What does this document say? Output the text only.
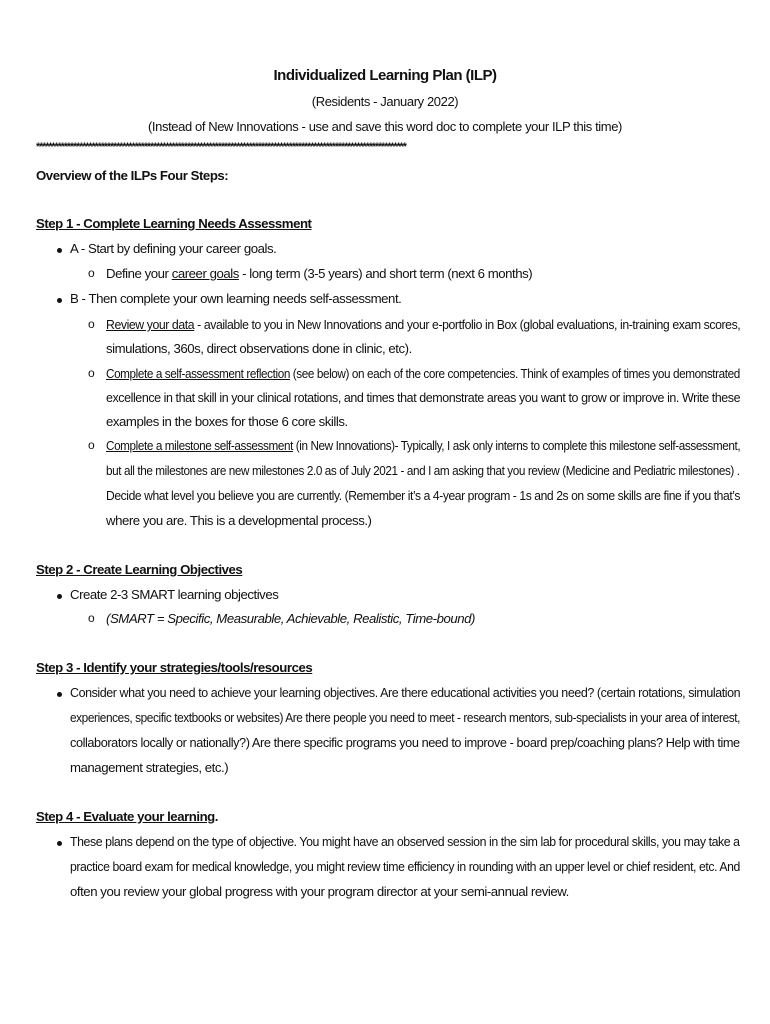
Individualized Learning Plan (ILP)
(Residents - January 2022)
(Instead of New Innovations - use and save this word doc to complete your ILP this time)
************************************************************************************************************************
Overview of the ILPs Four Steps:
Step 1 - Complete Learning Needs Assessment
A - Start by defining your career goals.
o Define your career goals - long term (3-5 years) and short term (next 6 months)
B - Then complete your own learning needs self-assessment.
o Review your data - available to you in New Innovations and your e-portfolio in Box (global evaluations, in-training exam scores,
simulations, 360s, direct observations done in clinic, etc).
o Complete a self-assessment reflection (see below) on each of the core competencies. Think of examples of times you demonstrated
excellence in that skill in your clinical rotations, and times that demonstrate areas you want to grow or improve in. Write these
examples in the boxes for those 6 core skills.
o Complete a milestone self-assessment (in New Innovations)- Typically, I ask only interns to complete this milestone self-assessment,
but all the milestones are new milestones 2.0 as of July 2021 - and I am asking that you review (Medicine and Pediatric milestones) .
Decide what level you believe you are currently. (Remember it’s a 4-year program - 1s and 2s on some skills are fine if you that’s
where you are. This is a developmental process.)
Step 2 - Create Learning Objectives
Create 2-3 SMART learning objectives
o (SMART = Specific, Measurable, Achievable, Realistic, Time-bound)
Step 3 - Identify your strategies/tools/resources
Consider what you need to achieve your learning objectives. Are there educational activities you need? (certain rotations, simulation
experiences, specific textbooks or websites) Are there people you need to meet - research mentors, sub-specialists in your area of interest,
collaborators locally or nationally?) Are there specific programs you need to improve - board prep/coaching plans? Help with time
management strategies, etc.)
Step 4 - Evaluate your learning.
These plans depend on the type of objective. You might have an observed session in the sim lab for procedural skills, you may take a
practice board exam for medical knowledge, you might review time efficiency in rounding with an upper level or chief resident, etc. And
often you review your global progress with your program director at your semi-annual review.
